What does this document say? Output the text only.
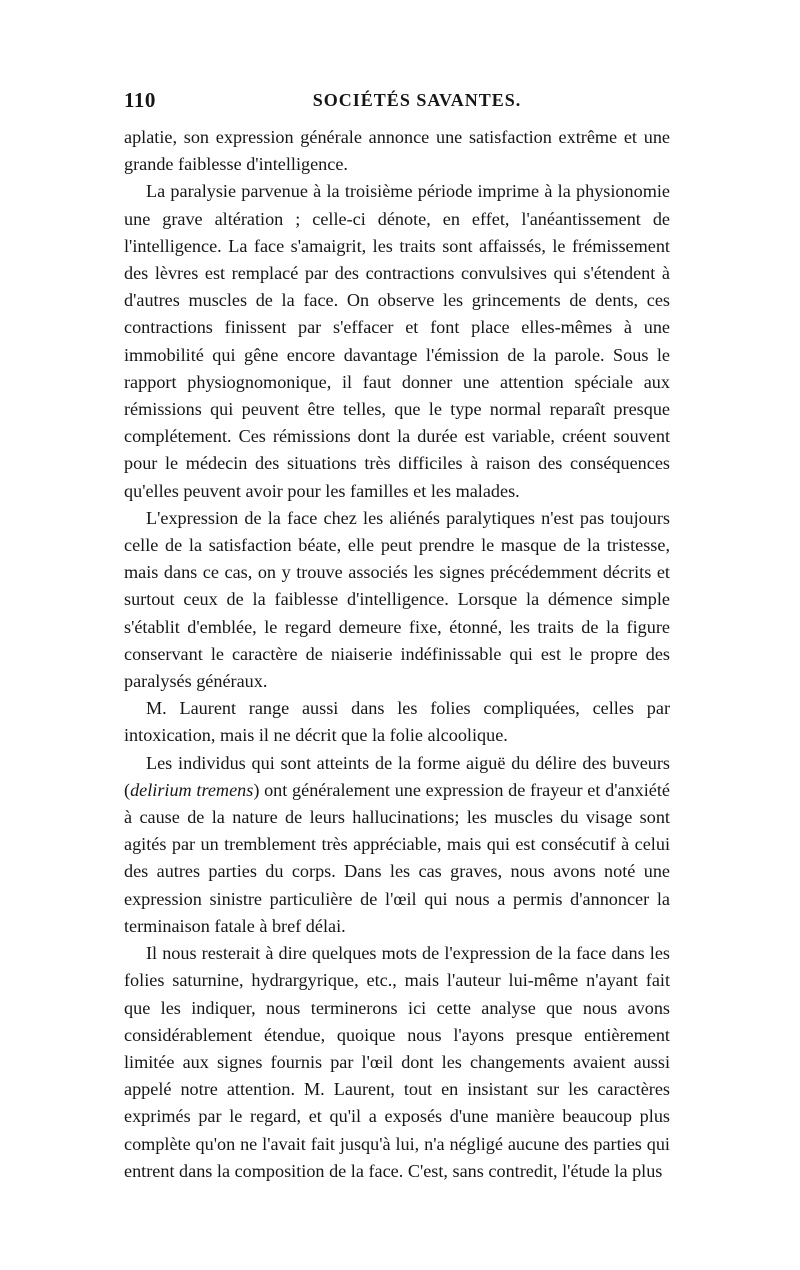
110	SOCIÉTÉS SAVANTES.

aplatie, son expression générale annonce une satisfaction extrême et une grande faiblesse d'intelligence.

La paralysie parvenue à la troisième période imprime à la physionomie une grave altération ; celle-ci dénote, en effet, l'anéantissement de l'intelligence. La face s'amaigrit, les traits sont affaissés, le frémissement des lèvres est remplacé par des contractions convulsives qui s'étendent à d'autres muscles de la face. On observe les grincements de dents, ces contractions finissent par s'effacer et font place elles-mêmes à une immobilité qui gêne encore davantage l'émission de la parole. Sous le rapport physiognomonique, il faut donner une attention spéciale aux rémissions qui peuvent être telles, que le type normal reparaît presque complétement. Ces rémissions dont la durée est variable, créent souvent pour le médecin des situations très difficiles à raison des conséquences qu'elles peuvent avoir pour les familles et les malades.

L'expression de la face chez les aliénés paralytiques n'est pas toujours celle de la satisfaction béate, elle peut prendre le masque de la tristesse, mais dans ce cas, on y trouve associés les signes précédemment décrits et surtout ceux de la faiblesse d'intelligence. Lorsque la démence simple s'établit d'emblée, le regard demeure fixe, étonné, les traits de la figure conservant le caractère de niaiserie indéfinissable qui est le propre des paralysés généraux.

M. Laurent range aussi dans les folies compliquées, celles par intoxication, mais il ne décrit que la folie alcoolique.

Les individus qui sont atteints de la forme aiguë du délire des buveurs (delirium tremens) ont généralement une expression de frayeur et d'anxiété à cause de la nature de leurs hallucinations; les muscles du visage sont agités par un tremblement très appréciable, mais qui est consécutif à celui des autres parties du corps. Dans les cas graves, nous avons noté une expression sinistre particulière de l'œil qui nous a permis d'annoncer la terminaison fatale à bref délai.

Il nous resterait à dire quelques mots de l'expression de la face dans les folies saturnine, hydrargyrique, etc., mais l'auteur lui-même n'ayant fait que les indiquer, nous terminerons ici cette analyse que nous avons considérablement étendue, quoique nous l'ayons presque entièrement limitée aux signes fournis par l'œil dont les changements avaient aussi appelé notre attention. M. Laurent, tout en insistant sur les caractères exprimés par le regard, et qu'il a exposés d'une manière beaucoup plus complète qu'on ne l'avait fait jusqu'à lui, n'a négligé aucune des parties qui entrent dans la composition de la face. C'est, sans contredit, l'étude la plus
